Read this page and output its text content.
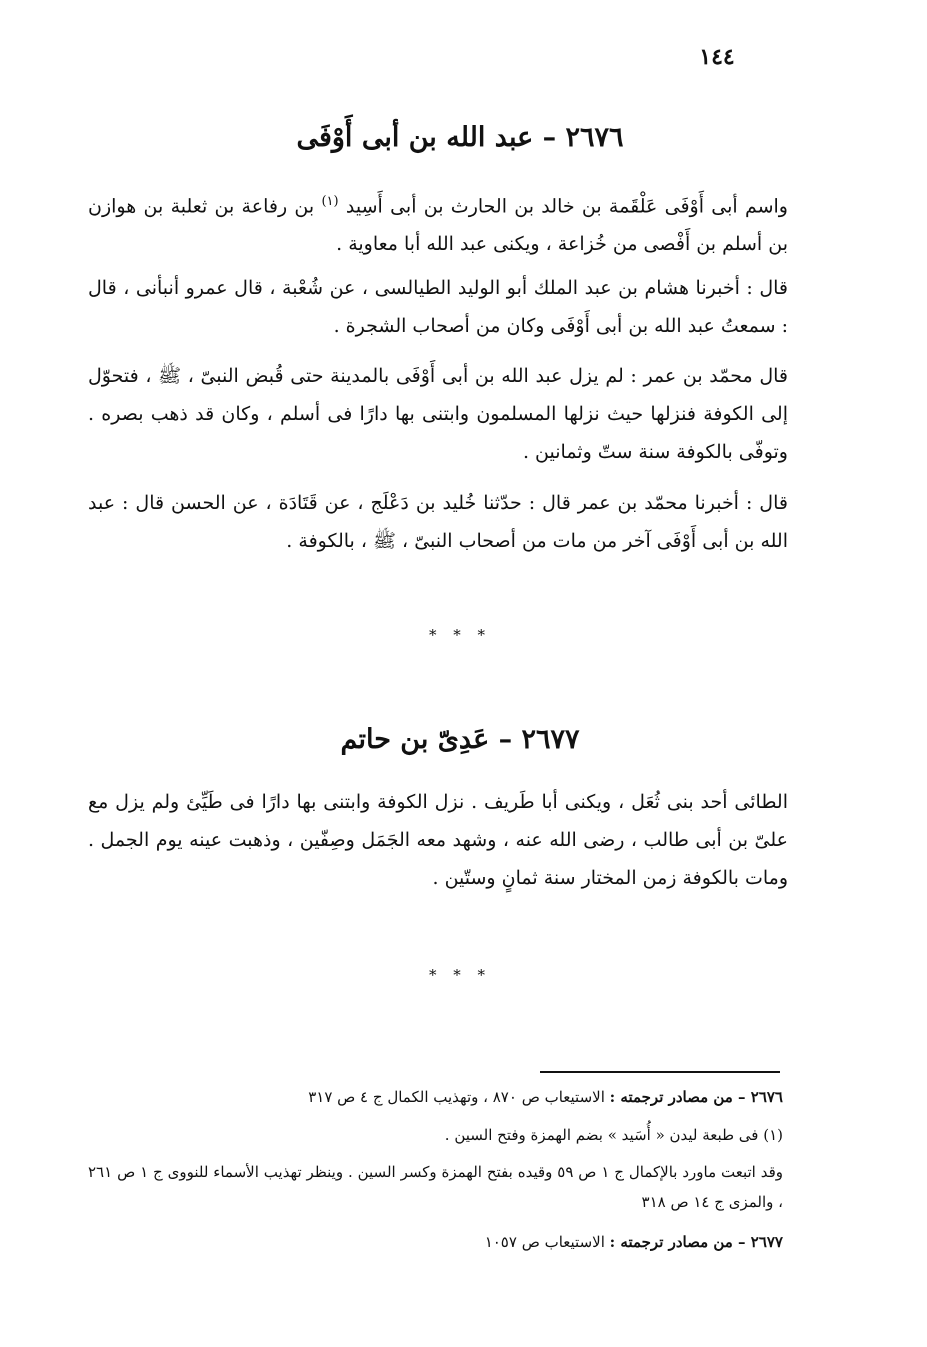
١٤٤
٢٦٧٦ – عبد الله بن أبى أَوْفَى

واسم أبى أَوْفَى عَلْقَمة بن خالد بن الحارث بن أبى أَسِيد $^{(١)}$ بن رفاعة بن ثعلبة بن هوازن بن أسلم بن أَفْصى من خُزاعة ، ويكنى عبد الله أبا معاوية .

قال : أخبرنا هشام بن عبد الملك أبو الوليد الطيالسى ، عن شُعْبة ، قال عمرو أنبأنى ، قال : سمعتُ عبد الله بن أبى أَوْفَى وكان من أصحاب الشجرة .

قال محمّد بن عمر : لم يزل عبد الله بن أبى أَوْفَى بالمدينة حتى قُبض النبىّ ، ﷺ ، فتحوّل إلى الكوفة فنزلها حيث نزلها المسلمون وابتنى بها دارًا فى أسلم ، وكان قد ذهب بصره . وتوفّى بالكوفة سنة ستّ وثمانين .

قال : أخبرنا محمّد بن عمر قال : حدّثنا خُليد بن دَعْلَج ، عن قَتَادَة ، عن الحسن قال : عبد الله بن أبى أَوْفَى آخر من مات من أصحاب النبىّ ، ﷺ ، بالكوفة .

* * *
٢٦٧٧ – عَدِىّ بن حاتم

الطائى أحد بنى ثُعَل ، ويكنى أبا طَريف . نزل الكوفة وابتنى بها دارًا فى طَيِّئ ولم يزل مع علىّ بن أبى طالب ، رضى الله عنه ، وشهد معه الجَمَل وصِفّين ، وذهبت عينه يوم الجمل . ومات بالكوفة زمن المختار سنة ثمانٍ وستّين .

* * *
٢٦٧٦ – من مصادر ترجمته : الاستيعاب ص ٨٧٠ ، وتهذيب الكمال ج ٤ ص ٣١٧
(١) فى طبعة ليدن « أُسَيد » بضم الهمزة وفتح السين .
وقد اتبعت ماورد بالإكمال ج ١ ص ٥٩ وقيده بفتح الهمزة وكسر السين . وينظر تهذيب الأسماء للنووى ج ١ ص ٢٦١ ، والمزى ج ١٤ ص ٣١٨
٢٦٧٧ – من مصادر ترجمته : الاستيعاب ص ١٠٥٧
